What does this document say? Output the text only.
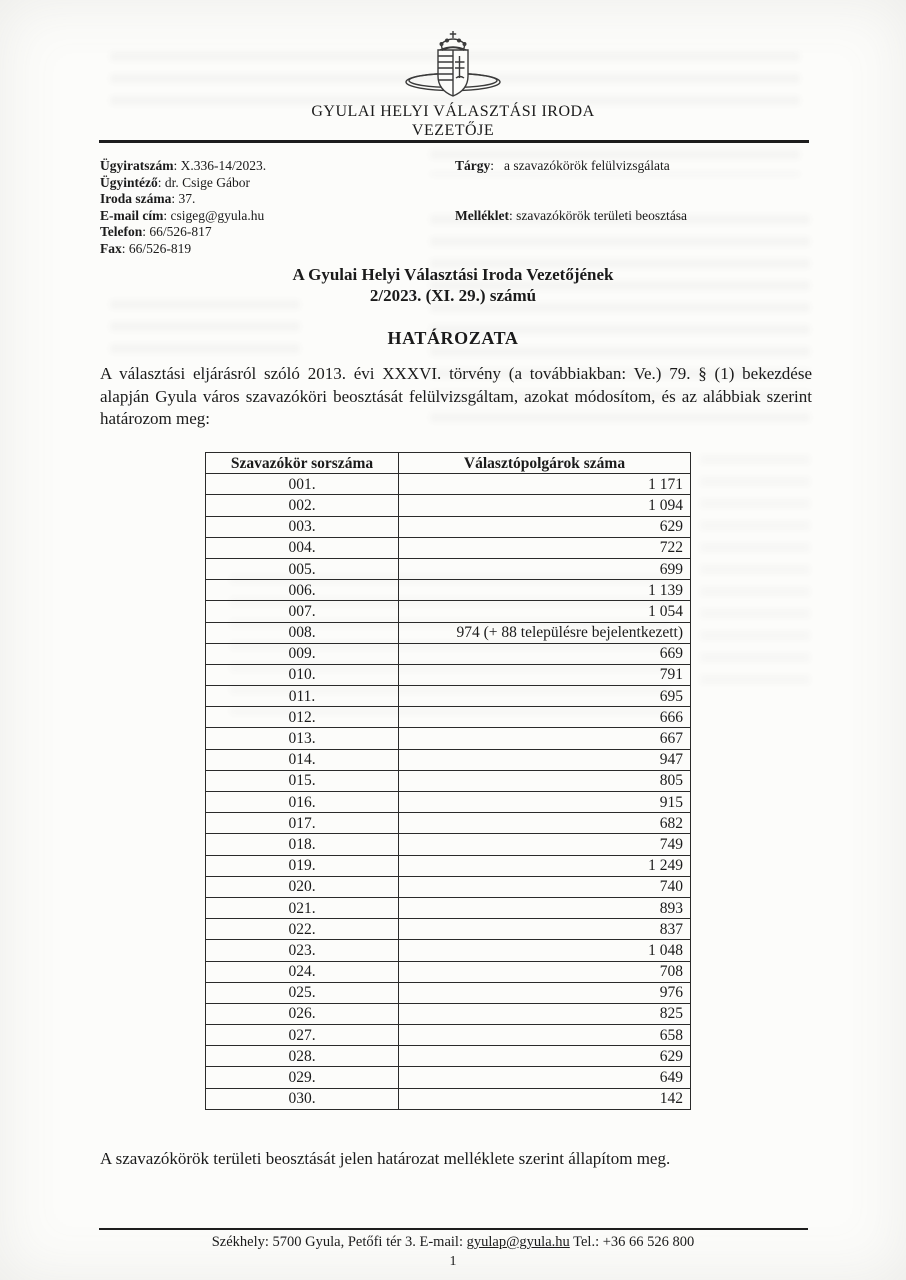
GYULAI HELYI VÁLASZTÁSI IRODA
VEZETŐJE
Ügyiratszám: X.336-14/2023.
Ügyintéző: dr. Csige Gábor
Iroda száma: 37.
E-mail cím: csigeg@gyula.hu
Telefon: 66/526-817
Fax: 66/526-819
Tárgy: a szavazókörök felülvizsgálata
Melléklet: szavazókörök területi beosztása
A Gyulai Helyi Választási Iroda Vezetőjének
2/2023. (XI. 29.) számú
HATÁROZATA
A választási eljárásról szóló 2013. évi XXXVI. törvény (a továbbiakban: Ve.) 79. § (1) bekezdése alapján Gyula város szavazóköri beosztását felülvizsgáltam, azokat módosítom, és az alábbiak szerint határozom meg:
Szavazókör sorszáma	Választópolgárok száma
001.	1 171
002.	1 094
003.	629
004.	722
005.	699
006.	1 139
007.	1 054
008.	974 (+ 88 településre bejelentkezett)
009.	669
010.	791
011.	695
012.	666
013.	667
014.	947
015.	805
016.	915
017.	682
018.	749
019.	1 249
020.	740
021.	893
022.	837
023.	1 048
024.	708
025.	976
026.	825
027.	658
028.	629
029.	649
030.	142
A szavazókörök területi beosztását jelen határozat melléklete szerint állapítom meg.
Székhely: 5700 Gyula, Petőfi tér 3. E-mail: gyulap@gyula.hu Tel.: +36 66 526 800
1
